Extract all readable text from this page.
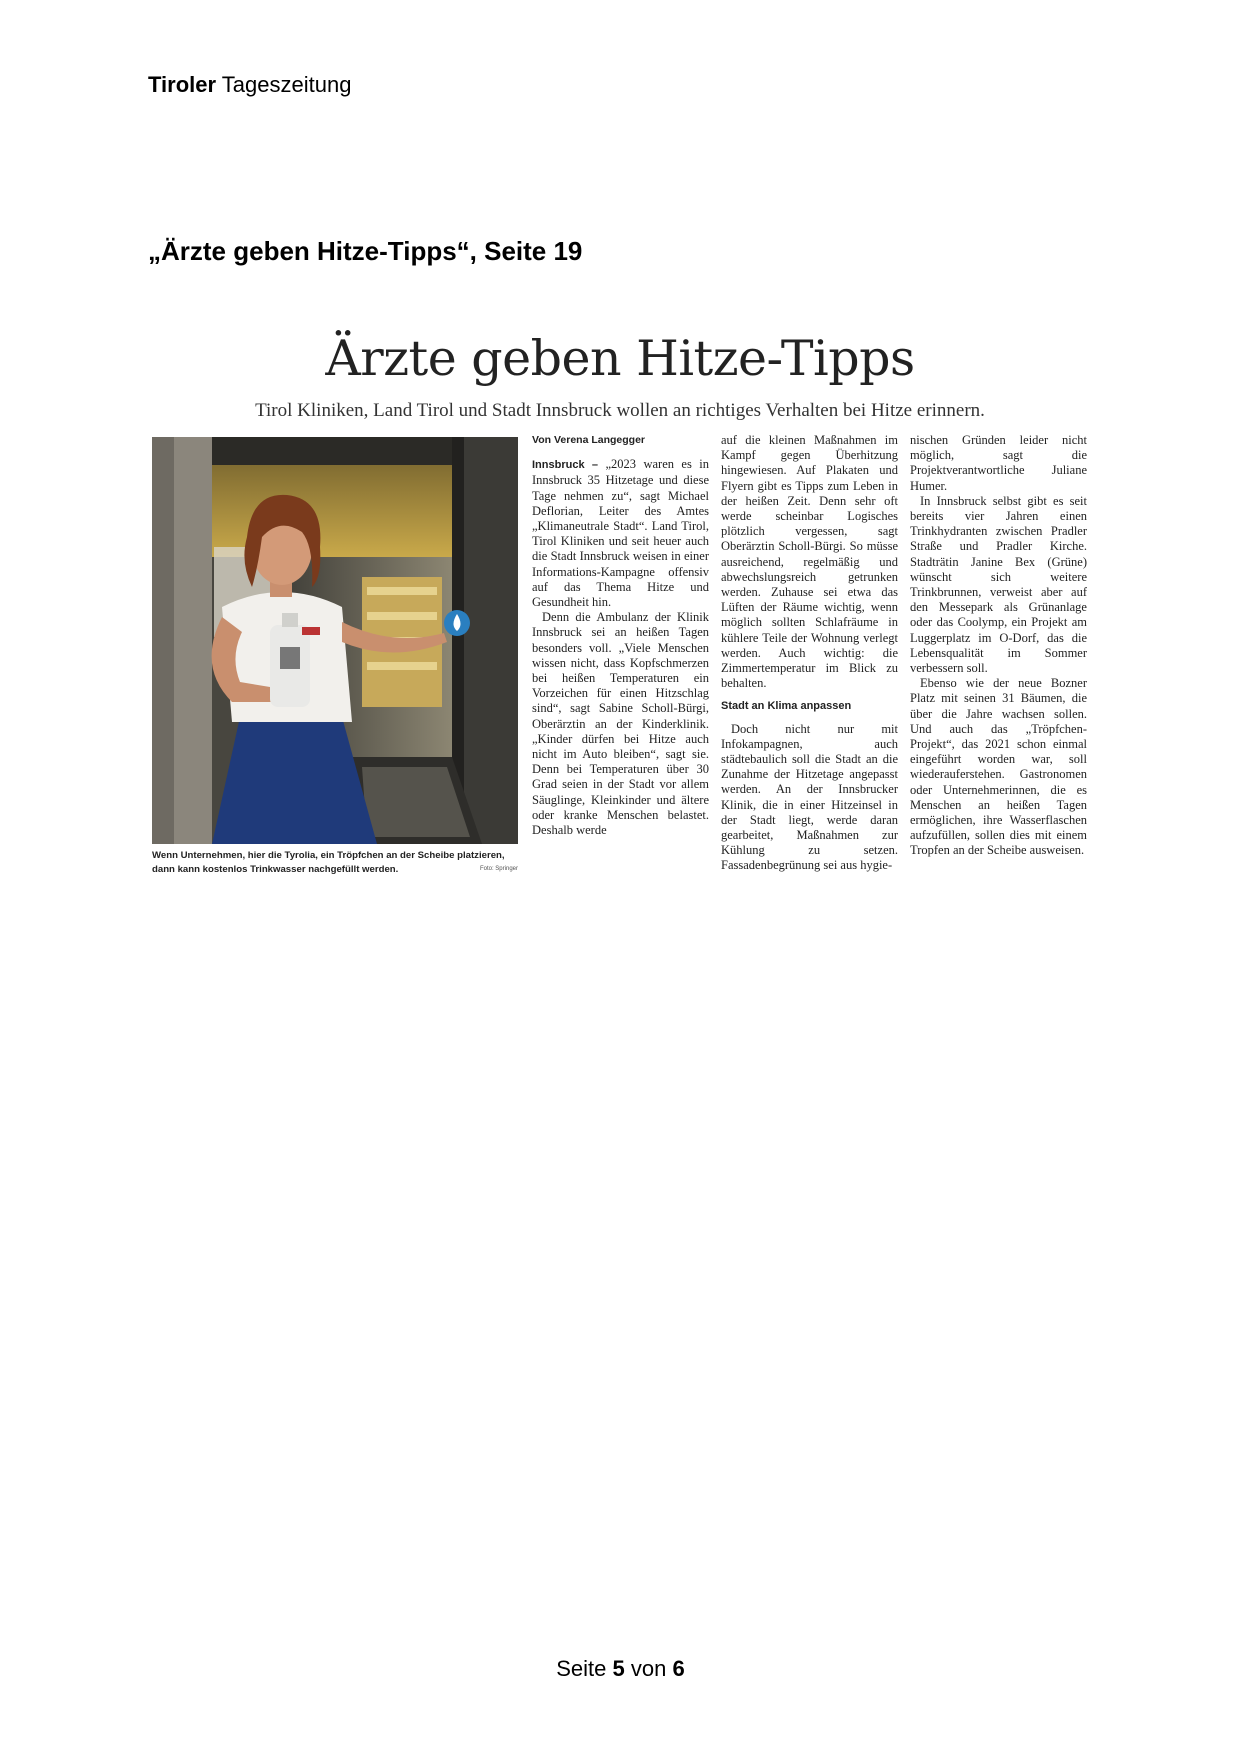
Tiroler Tageszeitung
„Ärzte geben Hitze-Tipps“, Seite 19
Ärzte geben Hitze-Tipps
Tirol Kliniken, Land Tirol und Stadt Innsbruck wollen an richtiges Verhalten bei Hitze erinnern.
Wenn Unternehmen, hier die Tyrolia, ein Tröpfchen an der Scheibe platzieren, dann kann kostenlos Trinkwasser nachgefüllt werden.	Foto: Springer

Von Verena Langegger

Innsbruck – „2023 waren es in Innsbruck 35 Hitzetage und diese Tage nehmen zu“, sagt Michael Deflorian, Leiter des Amtes „Klimaneutrale Stadt“. Land Tirol, Tirol Kliniken und seit heuer auch die Stadt Innsbruck weisen in einer Informations-Kampagne offensiv auf das Thema Hitze und Gesundheit hin.

Denn die Ambulanz der Klinik Innsbruck sei an heißen Tagen besonders voll. „Viele Menschen wissen nicht, dass Kopfschmerzen bei heißen Temperaturen ein Vorzeichen für einen Hitzschlag sind“, sagt Sabine Scholl-Bürgi, Oberärztin an der Kinderklinik. „Kinder dürfen bei Hitze auch nicht im Auto bleiben“, sagt sie. Denn bei Temperaturen über 30 Grad seien in der Stadt vor allem Säuglinge, Kleinkinder und ältere oder kranke Menschen belastet. Deshalb werde

auf die kleinen Maßnahmen im Kampf gegen Überhitzung hingewiesen. Auf Plakaten und Flyern gibt es Tipps zum Leben in der heißen Zeit. Denn sehr oft werde scheinbar Logisches plötzlich vergessen, sagt Oberärztin Scholl-Bürgi. So müsse ausreichend, regelmäßig und abwechslungsreich getrunken werden. Zuhause sei etwa das Lüften der Räume wichtig, wenn möglich sollten Schlafräume in kühlere Teile der Wohnung verlegt werden. Auch wichtig: die Zimmertemperatur im Blick zu behalten.

Stadt an Klima anpassen

Doch nicht nur mit Infokampagnen, auch städtebaulich soll die Stadt an die Zunahme der Hitzetage angepasst werden. An der Innsbrucker Klinik, die in einer Hitzeinsel in der Stadt liegt, werde daran gearbeitet, Maßnahmen zur Kühlung zu setzen. Fassadenbegrünung sei aus hygie-

nischen Gründen leider nicht möglich, sagt die Projektverantwortliche Juliane Humer.

In Innsbruck selbst gibt es seit bereits vier Jahren einen Trinkhydranten zwischen Pradler Straße und Pradler Kirche. Stadträtin Janine Bex (Grüne) wünscht sich weitere Trinkbrunnen, verweist aber auf den Messepark als Grünanlage oder das Coolymp, ein Projekt am Luggerplatz im O-Dorf, das die Lebensqualität im Sommer verbessern soll.

Ebenso wie der neue Bozner Platz mit seinen 31 Bäumen, die über die Jahre wachsen sollen. Und auch das „Tröpfchen-Projekt“, das 2021 schon einmal eingeführt worden war, soll wiederauferstehen. Gastronomen oder Unternehmerinnen, die es Menschen an heißen Tagen ermöglichen, ihre Wasserflaschen aufzufüllen, sollen dies mit einem Tropfen an der Scheibe ausweisen.

Seite 5 von 6
